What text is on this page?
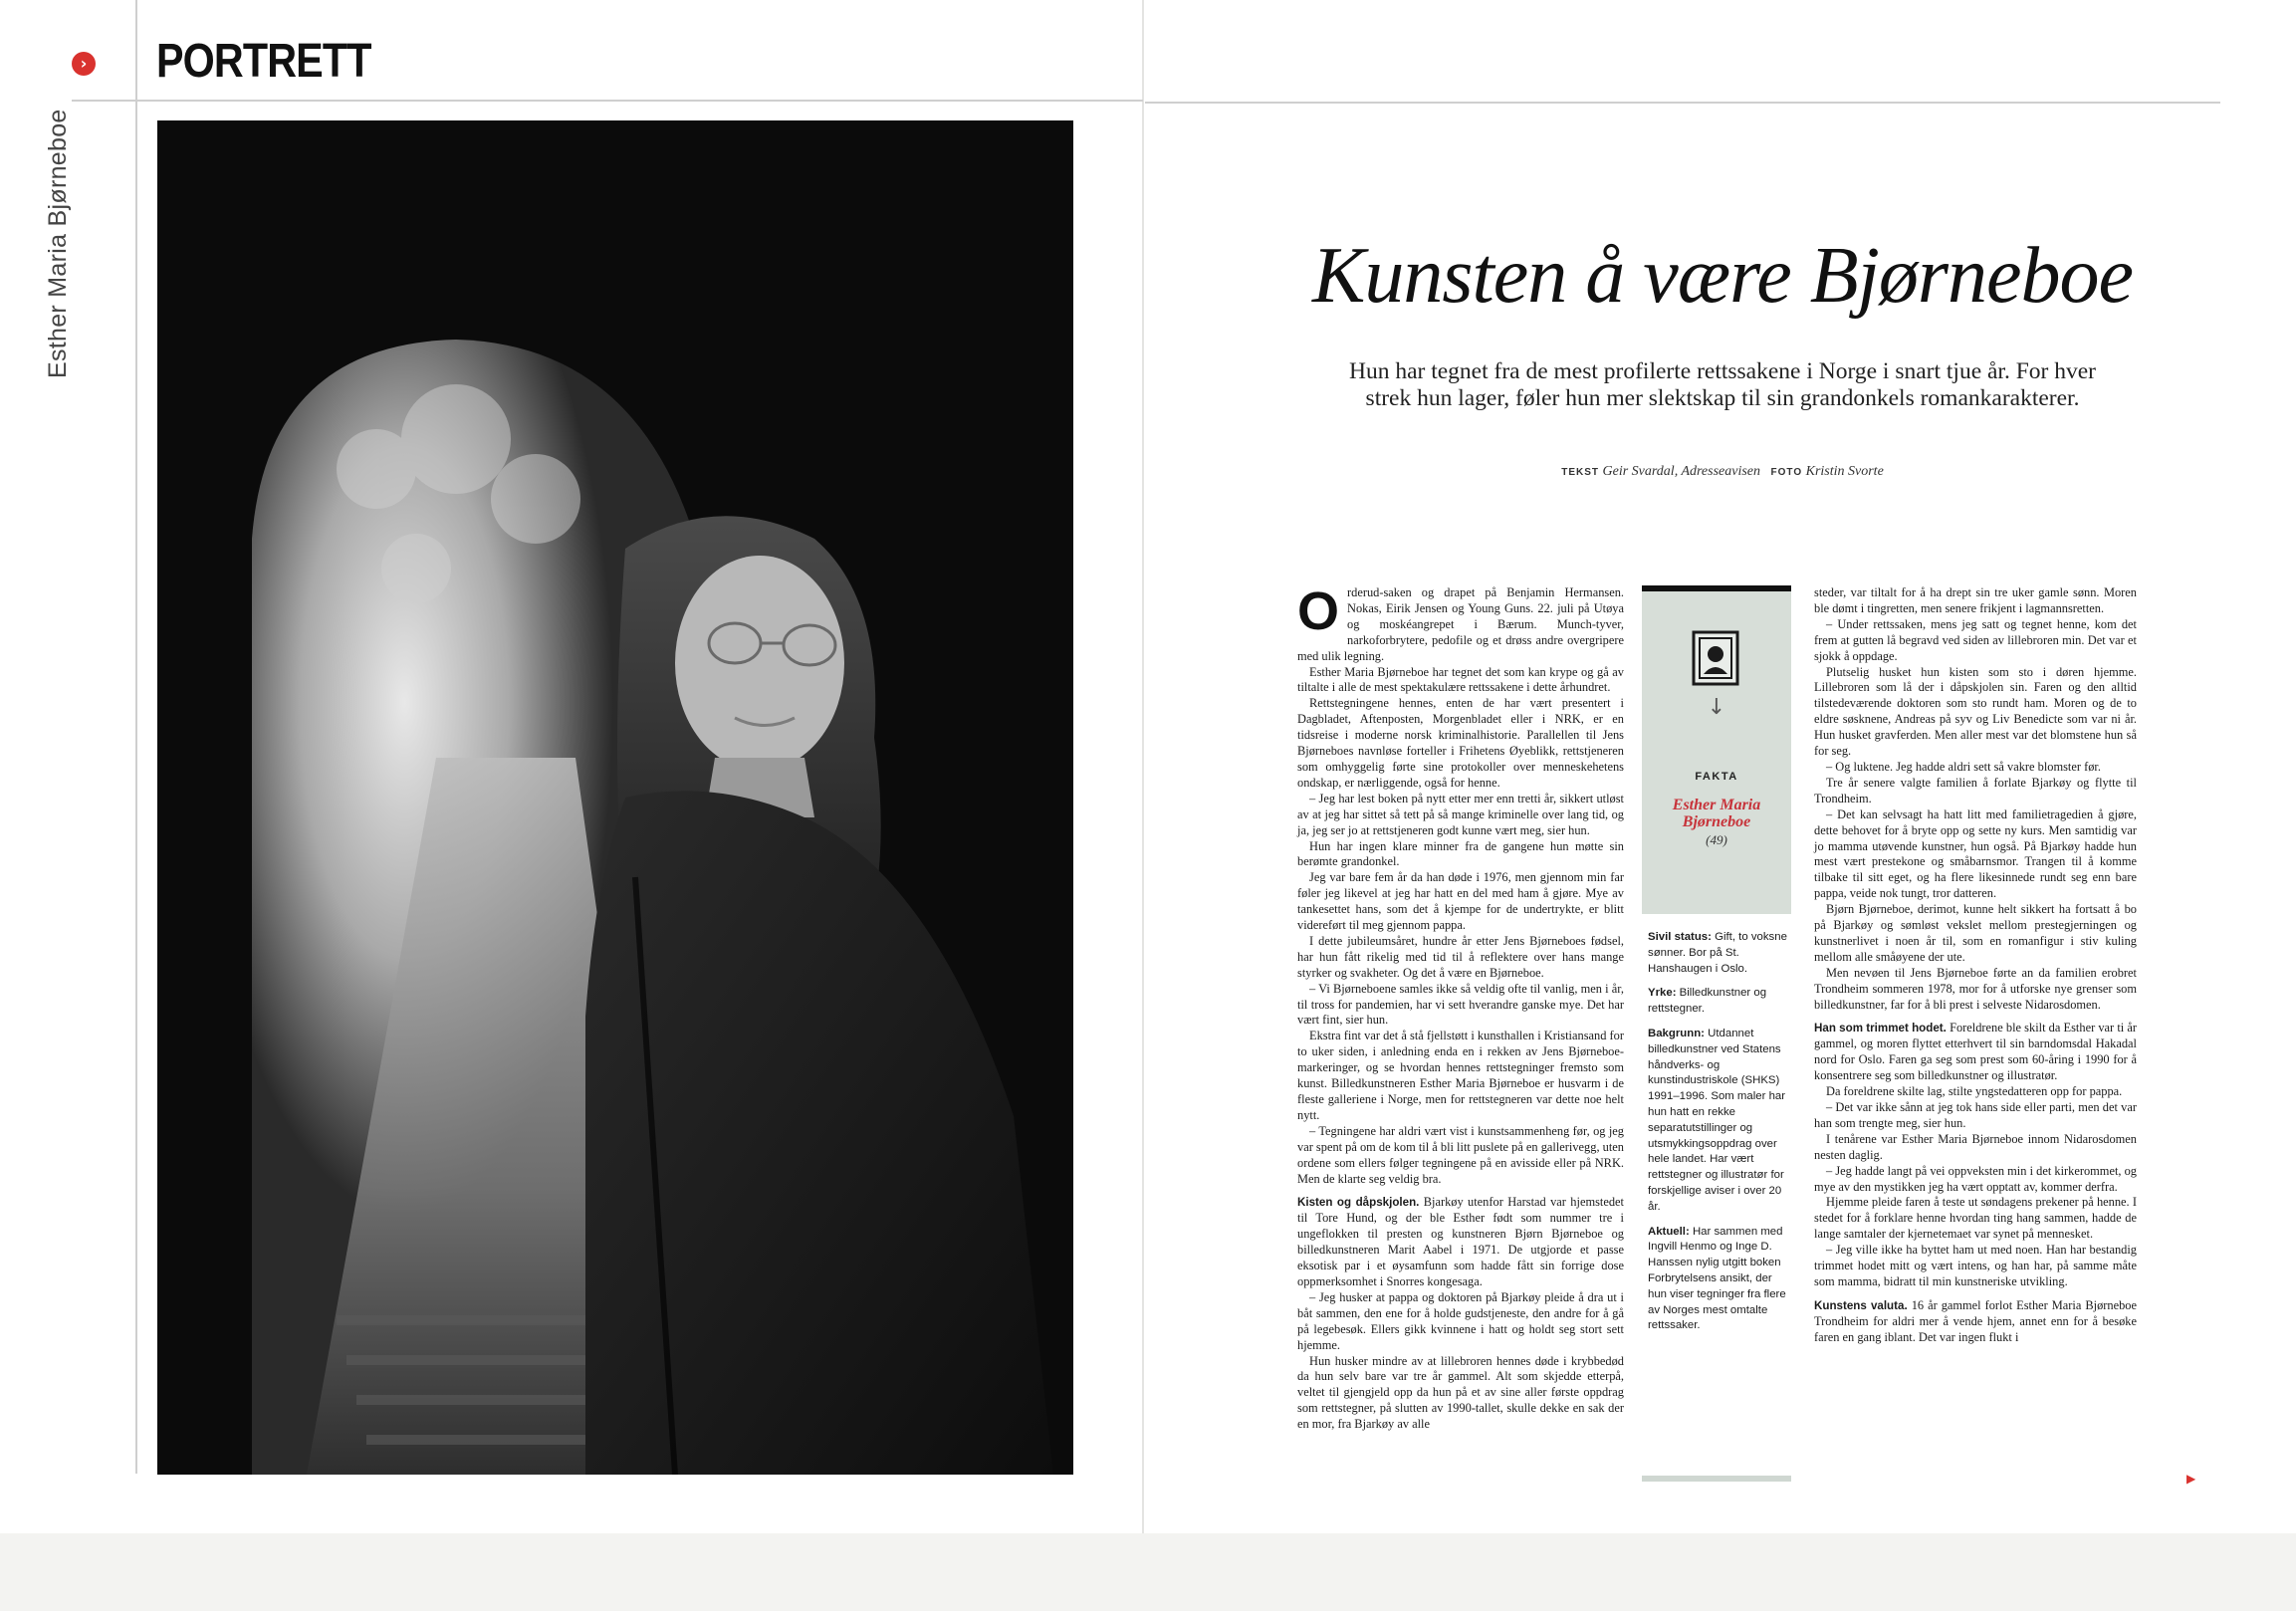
› PORTRETT
Esther Maria Bjørneboe	Kunsten å være Bjørneboe
Hun har tegnet fra de mest profilerte rettssakene i Norge i snart tjue år. For hver strek hun lager, føler hun mer slektskap til sin grandonkels romankarakterer.
TEKST Geir Svardal, Adresseavisen FOTO Kristin Svorte
O rderud-saken og drapet på Benjamin Hermansen. Nokas, Eirik Jensen og Young Guns. 22. juli på Utøya og moskéangrepet i Bærum. Munch-tyver, narkoforbrytere, pedofile og et drøss andre overgripere med ulik legning.

Esther Maria Bjørneboe har tegnet det som kan krype og gå av tiltalte i alle de mest spektakulære rettssakene i dette århundret.

Rettstegningene hennes, enten de har vært presentert i Dagbladet, Aftenposten, Morgenbladet eller i NRK, er en tidsreise i moderne norsk kriminalhistorie. Parallellen til Jens Bjørneboes navnløse forteller i Frihetens Øyeblikk, rettstjeneren som omhyggelig førte sine protokoller over menneskehetens ondskap, er nærliggende, også for henne.

– Jeg har lest boken på nytt etter mer enn tretti år, sikkert utløst av at jeg har sittet så tett på så mange kriminelle over lang tid, og ja, jeg ser jo at rettstjeneren godt kunne vært meg, sier hun.

Hun har ingen klare minner fra de gangene hun møtte sin berømte grandonkel.

Jeg var bare fem år da han døde i 1976, men gjennom min far føler jeg likevel at jeg har hatt en del med ham å gjøre. Mye av tankesettet hans, som det å kjempe for de undertrykte, er blitt videreført til meg gjennom pappa.

I dette jubileumsåret, hundre år etter Jens Bjørneboes fødsel, har hun fått rikelig med tid til å reflektere over hans mange styrker og svakheter. Og det å være en Bjørneboe.

– Vi Bjørneboene samles ikke så veldig ofte til vanlig, men i år, til tross for pandemien, har vi sett hverandre ganske mye. Det har vært fint, sier hun.

Ekstra fint var det å stå fjellstøtt i kunsthallen i Kristiansand for to uker siden, i anledning enda en i rekken av Jens Bjørneboe-markeringer, og se hvordan hennes rettstegninger fremsto som kunst. Billedkunstneren Esther Maria Bjørneboe er husvarm i de fleste galleriene i Norge, men for rettstegneren var dette noe helt nytt.

– Tegningene har aldri vært vist i kunstsammenheng før, og jeg var spent på om de kom til å bli litt puslete på en gallerivegg, uten ordene som ellers følger tegningene på en avisside eller på NRK. Men de klarte seg veldig bra.

Kisten og dåpskjolen. Bjarkøy utenfor Harstad var hjemstedet til Tore Hund, og der ble Esther født som nummer tre i ungeflokken til presten og kunstneren Bjørn Bjørneboe og billedkunstneren Marit Aabel i 1971. De utgjorde et passe eksotisk par i et øysamfunn som hadde fått sin forrige dose oppmerksomhet i Snorres kongesaga.

– Jeg husker at pappa og doktoren på Bjarkøy pleide å dra ut i båt sammen, den ene for å holde gudstjeneste, den andre for å gå på legebesøk. Ellers gikk kvinnene i hatt og holdt seg stort sett hjemme.

Hun husker mindre av at lillebroren hennes døde i krybbedød da hun selv bare var tre år gammel. Alt som skjedde etterpå, veltet til gjengjeld opp da hun på et av sine aller første oppdrag som rettstegner, på slutten av 1990-tallet, skulle dekke en sak der en mor, fra Bjarkøy av alle

↓
FAKTA
Esther Maria Bjørneboe
(49)

Sivil status: Gift, to voksne sønner. Bor på St. Hanshaugen i Oslo.

Yrke: Billedkunstner og rettstegner.

Bakgrunn: Utdannet billedkunstner ved Statens håndverks- og kunstindustriskole (SHKS) 1991–1996. Som maler har hun hatt en rekke separatutstillinger og utsmykkingsoppdrag over hele landet. Har vært rettstegner og illustratør for forskjellige aviser i over 20 år.

Aktuell: Har sammen med Ingvill Henmo og Inge D. Hanssen nylig utgitt boken Forbrytelsens ansikt, der hun viser tegninger fra flere av Norges mest omtalte rettssaker.

steder, var tiltalt for å ha drept sin tre uker gamle sønn. Moren ble dømt i tingretten, men senere frikjent i lagmannsretten.

– Under rettssaken, mens jeg satt og tegnet henne, kom det frem at gutten lå begravd ved siden av lillebroren min. Det var et sjokk å oppdage.

Plutselig husket hun kisten som sto i døren hjemme. Lillebroren som lå der i dåpskjolen sin. Faren og den alltid tilstedeværende doktoren som sto rundt ham. Moren og de to eldre søsknene, Andreas på syv og Liv Benedicte som var ni år. Hun husket gravferden. Men aller mest var det blomstene hun så for seg.

– Og luktene. Jeg hadde aldri sett så vakre blomster før.

Tre år senere valgte familien å forlate Bjarkøy og flytte til Trondheim.

– Det kan selvsagt ha hatt litt med familietragedien å gjøre, dette behovet for å bryte opp og sette ny kurs. Men samtidig var jo mamma utøvende kunstner, hun også. På Bjarkøy hadde hun mest vært prestekone og småbarnsmor. Trangen til å komme tilbake til sitt eget, og ha flere likesinnede rundt seg enn bare pappa, veide nok tungt, tror datteren.

Bjørn Bjørneboe, derimot, kunne helt sikkert ha fortsatt å bo på Bjarkøy og sømløst vekslet mellom prestegjerningen og kunstnerlivet i noen år til, som en romanfigur i stiv kuling mellom alle småøyene der ute.

Men nevøen til Jens Bjørneboe førte an da familien erobret Trondheim sommeren 1978, mor for å utforske nye grenser som billedkunstner, far for å bli prest i selveste Nidarosdomen.

Han som trimmet hodet. Foreldrene ble skilt da Esther var ti år gammel, og moren flyttet etterhvert til sin barndomsdal Hakadal nord for Oslo. Faren ga seg som prest som 60-åring i 1990 for å konsentrere seg som billedkunstner og illustratør.

Da foreldrene skilte lag, stilte yngstedatteren opp for pappa.

– Det var ikke sånn at jeg tok hans side eller parti, men det var han som trengte meg, sier hun.

I tenårene var Esther Maria Bjørneboe innom Nidarosdomen nesten daglig.

– Jeg hadde langt på vei oppveksten min i det kirkerommet, og mye av den mystikken jeg ha vært opptatt av, kommer derfra.

Hjemme pleide faren å teste ut søndagens prekener på henne. I stedet for å forklare henne hvordan ting hang sammen, hadde de lange samtaler der kjernetemaet var synet på mennesket.

– Jeg ville ikke ha byttet ham ut med noen. Han har bestandig trimmet hodet mitt og vært intens, og han har, på samme måte som mamma, bidratt til min kunstneriske utvikling.

Kunstens valuta. 16 år gammel forlot Esther Maria Bjørneboe Trondheim for aldri mer å vende hjem, annet enn for å besøke faren en gang iblant. Det var ingen flukt i

▶
